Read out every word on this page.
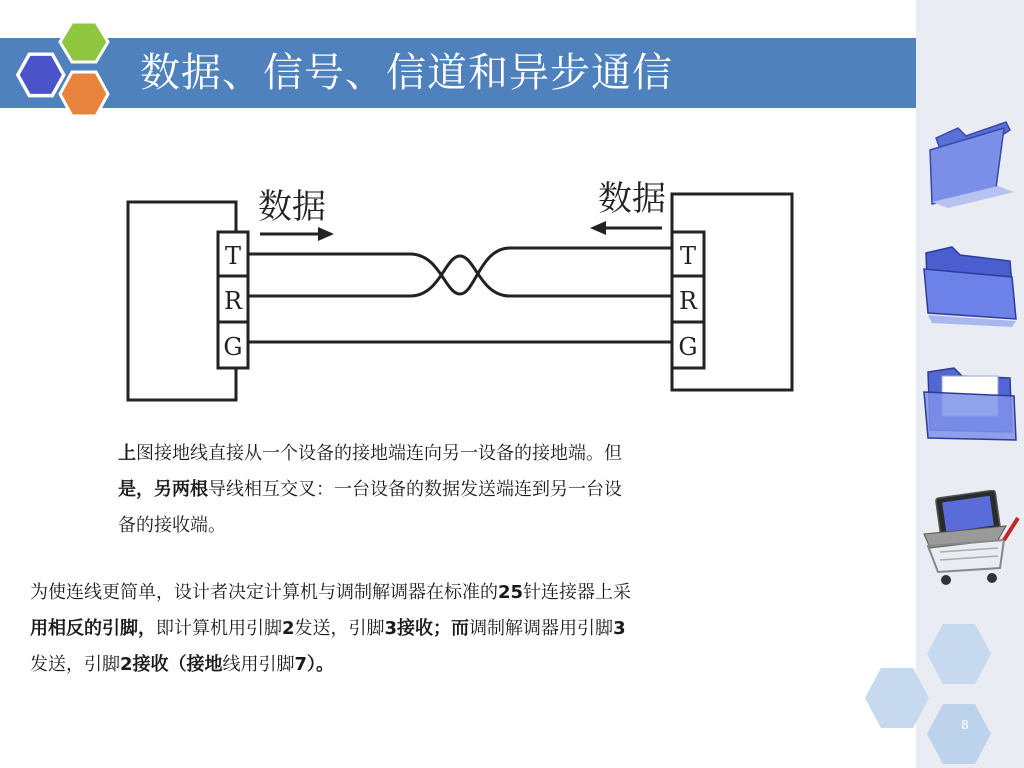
数据、信号、信道和异步通信
8
T
R
G
T
R
G
数据	数据
上图接地线直接从一个设备的接地端连向另一设备的接地端。但
是，另两根导线相互交叉：一台设备的数据发送端连到另一台设
备的接收端。
为使连线更简单，设计者决定计算机与调制解调器在标准的25针连接器上采
用相反的引脚，即计算机用引脚2发送，引脚3接收；而调制解调器用引脚3
发送，引脚2接收（接地线用引脚7）。
